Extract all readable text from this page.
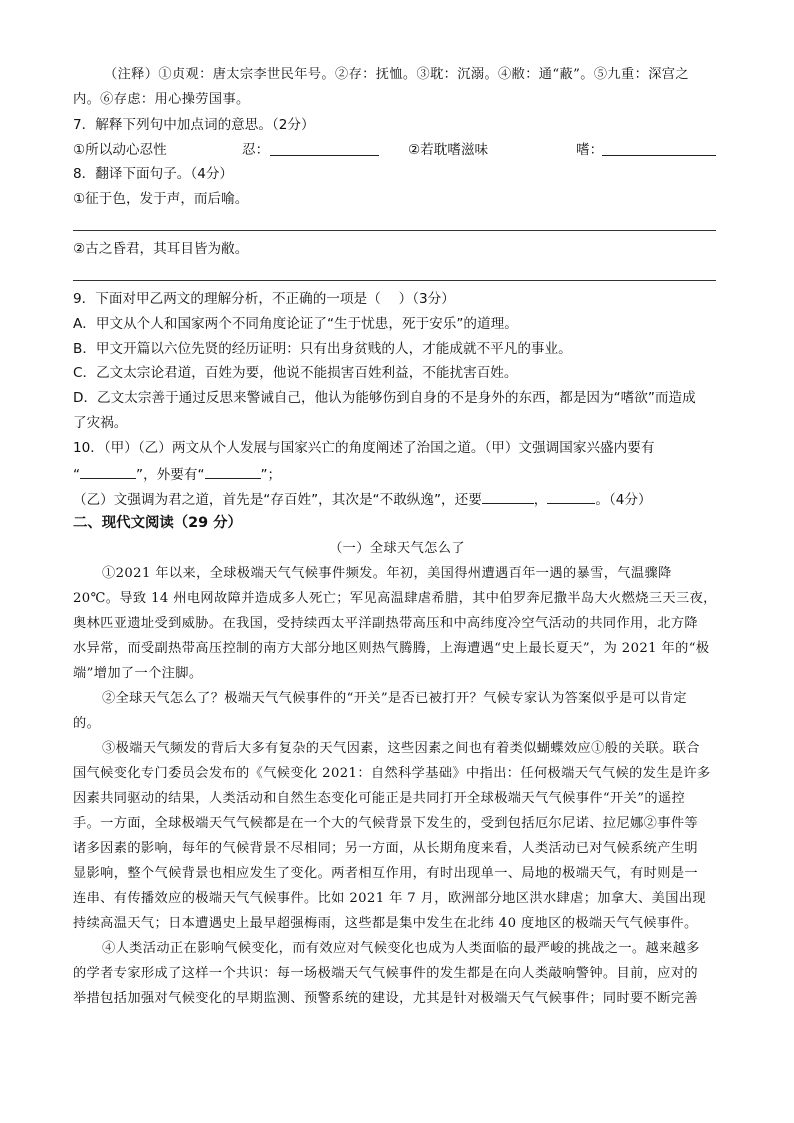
（注释）①贞观：唐太宗李世民年号。②存：抚恤。③耽：沉溺。④敝：通“蔽”。⑤九重：深宫之
内。⑥存虑：用心操劳国事。
7．解释下列句中加点词的意思。（2分）
①所以动心忍性	忍：	②若耽嗜滋味	嗜：
8．翻译下面句子。（4分）
①征于色，发于声，而后喻。
②古之昏君，其耳目皆为敝。
9．下面对甲乙两文的理解分析，不正确的一项是（　 ）（3分）
A．甲文从个人和国家两个不同角度论证了“生于忧患，死于安乐”的道理。
B．甲文开篇以六位先贤的经历证明：只有出身贫贱的人，才能成就不平凡的事业。
C．乙文太宗论君道，百姓为要，他说不能损害百姓利益，不能扰害百姓。
D．乙文太宗善于通过反思来警诫自己，他认为能够伤到自身的不是身外的东西，都是因为“嗜欲”而造成
了灾祸。
10．（甲）（乙）两文从个人发展与国家兴亡的角度阐述了治国之道。（甲）文强调国家兴盛内要有
“	”，外要有“	”；
（乙）文强调为君之道，首先是“存百姓”，其次是“不敢纵逸”，还要	，	。（4分）
二、现代文阅读（29 分）
（一）全球天气怎么了
①2021 年以来，全球极端天气气候事件频发。年初，美国得州遭遇百年一遇的暴雪，气温骤降
20℃。导致 14 州电网故障并造成多人死亡；军见高温肆虐希腊，其中伯罗奔尼撒半岛大火燃烧三天三夜，
奥林匹亚遗址受到威胁。在我国，受持续西太平洋副热带高压和中高纬度冷空气活动的共同作用，北方降
水异常，而受副热带高压控制的南方大部分地区则热气腾腾，上海遭遇“史上最长夏天”，为 2021 年的“极
端”增加了一个注脚。
②全球天气怎么了？极端天气气候事件的“开关”是否已被打开？气候专家认为答案似乎是可以肯定
的。
③极端天气频发的背后大多有复杂的天气因素，这些因素之间也有着类似蝴蝶效应①般的关联。联合
国气候变化专门委员会发布的《气候变化 2021：自然科学基础》中指出：任何极端天气气候的发生是许多
因素共同驱动的结果，人类活动和自然生态变化可能正是共同打开全球极端天气气候事件“开关”的遥控
手。一方面，全球极端天气气候都是在一个大的气候背景下发生的，受到包括厄尔尼诺、拉尼娜②事件等
诸多因素的影响，每年的气候背景不尽相同；另一方面，从长期角度来看，人类活动已对气候系统产生明
显影响，整个气候背景也相应发生了变化。两者相互作用，有时出现单一、局地的极端天气，有时则是一
连串、有传播效应的极端天气气候事件。比如 2021 年 7 月，欧洲部分地区洪水肆虐；加拿大、美国出现
持续高温天气；日本遭遇史上最早超强梅雨，这些都是集中发生在北纬 40 度地区的极端天气气候事件。
④人类活动正在影响气候变化，而有效应对气候变化也成为人类面临的最严峻的挑战之一。越来越多
的学者专家形成了这样一个共识：每一场极端天气气候事件的发生都是在向人类敲响警钟。目前，应对的
举措包括加强对气候变化的早期监测、预警系统的建设，尤其是针对极端天气气候事件；同时要不断完善
